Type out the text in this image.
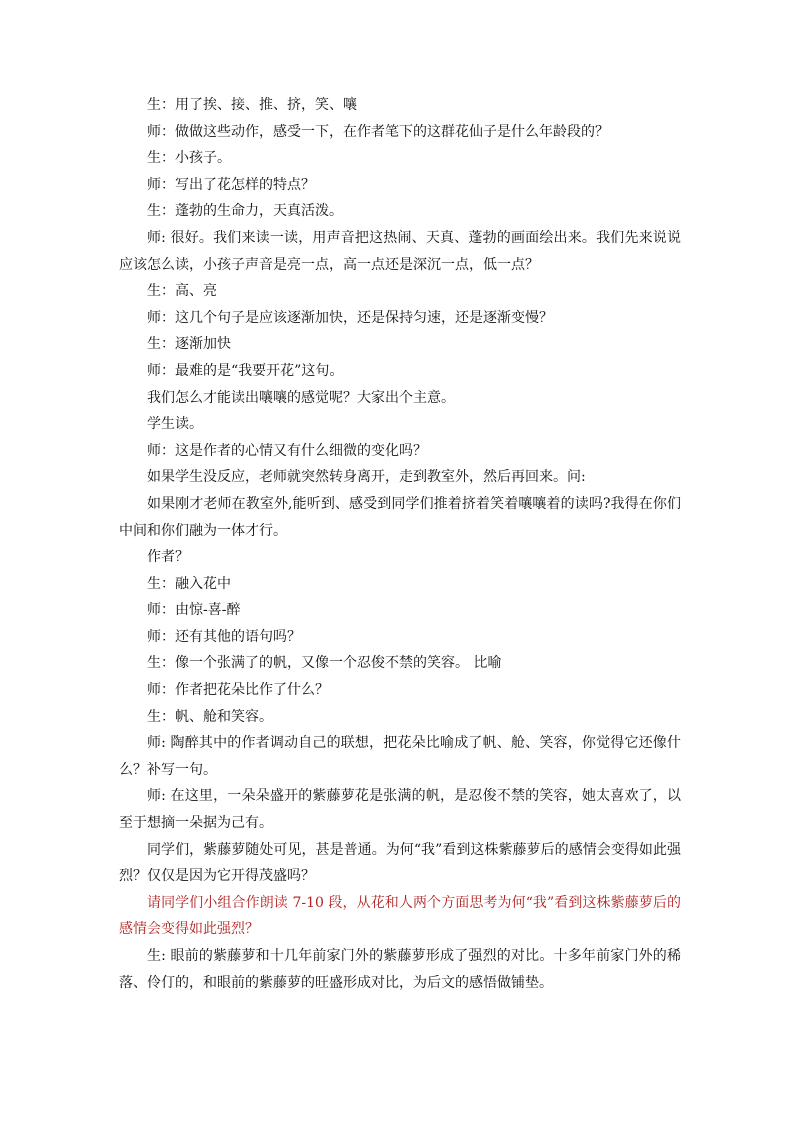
生：用了挨、接、推、挤，笑、嚷

师：做做这些动作，感受一下，在作者笔下的这群花仙子是什么年龄段的？

生：小孩子。

师：写出了花怎样的特点？

生：蓬勃的生命力，天真活泼。

师: 很好。我们来读一读，用声音把这热闹、天真、蓬勃的画面绘出来。我们先来说说应该怎么读，小孩子声音是亮一点，高一点还是深沉一点，低一点？

生：高、亮

师：这几个句子是应该逐渐加快，还是保持匀速，还是逐渐变慢？

生：逐渐加快

师：最难的是“我要开花”这句。

我们怎么才能读出嚷嚷的感觉呢？大家出个主意。

学生读。

师：这是作者的心情又有什么细微的变化吗？

如果学生没反应，老师就突然转身离开，走到教室外，然后再回来。问:

如果刚才老师在教室外,能听到、感受到同学们推着挤着笑着嚷嚷着的读吗?我得在你们中间和你们融为一体才行。

作者？

生：融入花中

师：由惊-喜-醉

师：还有其他的语句吗？

生：像一个张满了的帆，又像一个忍俊不禁的笑容。 比喻

师：作者把花朵比作了什么？

生：帆、舱和笑容。

师: 陶醉其中的作者调动自己的联想，把花朵比喻成了帆、舱、笑容，你觉得它还像什么？补写一句。

师: 在这里，一朵朵盛开的紫藤萝花是张满的帆，是忍俊不禁的笑容，她太喜欢了，以至于想摘一朵据为己有。

同学们，紫藤萝随处可见，甚是普通。为何“我”看到这株紫藤萝后的感情会变得如此强烈？仅仅是因为它开得茂盛吗？

请同学们小组合作朗读 7-10 段，从花和人两个方面思考为何“我”看到这株紫藤萝后的感情会变得如此强烈？

生: 眼前的紫藤萝和十几年前家门外的紫藤萝形成了强烈的对比。十多年前家门外的稀落、伶仃的，和眼前的紫藤萝的旺盛形成对比，为后文的感悟做铺垫。
